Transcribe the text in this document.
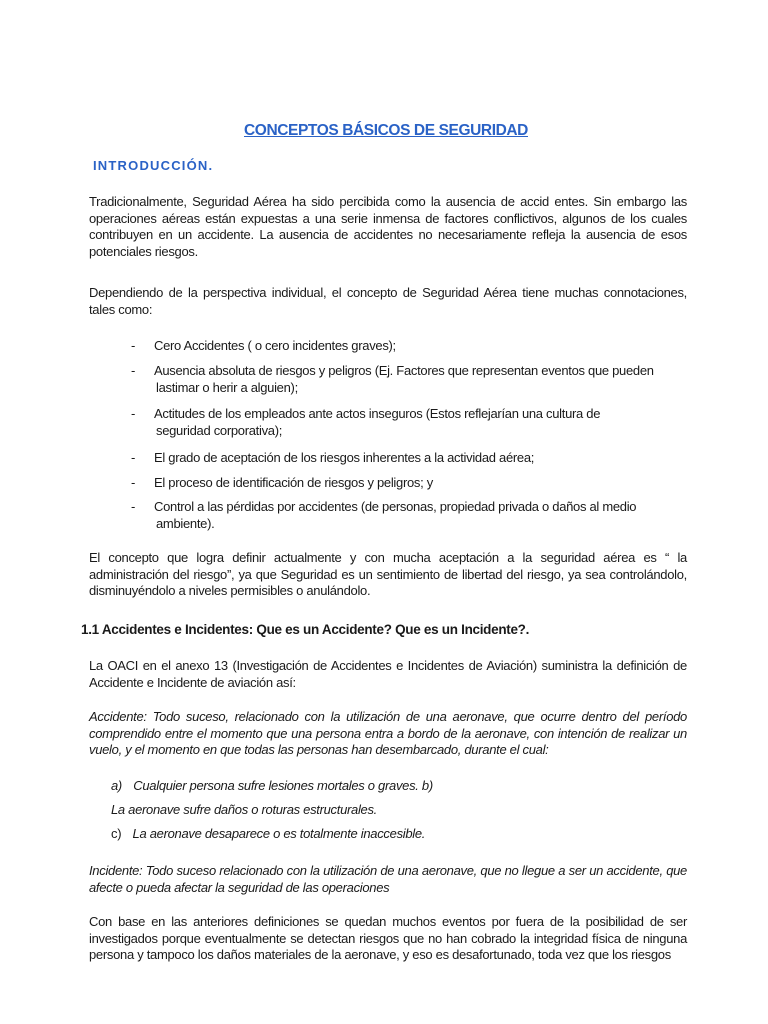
CONCEPTOS BÁSICOS DE SEGURIDAD
INTRODUCCIÓN.

Tradicionalmente, Seguridad Aérea ha sido percibida como la ausencia de accid entes. Sin embargo las operaciones aéreas están expuestas a una serie inmensa de factores conflictivos, algunos de los cuales contribuyen en un accidente. La ausencia de accidentes no necesariamente refleja la ausencia de esos potenciales riesgos.

Dependiendo de la perspectiva individual, el concepto de Seguridad Aérea tiene muchas connotaciones, tales como:

- Cero Accidentes ( o cero incidentes graves);
- Ausencia absoluta de riesgos y peligros (Ej. Factores que representan eventos que pueden
lastimar o herir a alguien);
- Actitudes de los empleados ante actos inseguros (Estos reflejarían una cultura de
seguridad corporativa);
- El grado de aceptación de los riesgos inherentes a la actividad aérea;
- El proceso de identificación de riesgos y peligros; y
- Control a las pérdidas por accidentes (de personas, propiedad privada o daños al medio
ambiente).

El concepto que logra definir actualmente y con mucha aceptación a la seguridad aérea es “ la administración del riesgo”, ya que Seguridad es un sentimiento de libertad del riesgo, ya sea controlándolo, disminuyéndolo a niveles permisibles o anulándolo.

1.1 Accidentes e Incidentes: Que es un Accidente? Que es un Incidente?.

La OACI en el anexo 13 (Investigación de Accidentes e Incidentes de Aviación) suministra la definición de Accidente e Incidente de aviación así:

Accidente: Todo suceso, relacionado con la utilización de una aeronave, que ocurre dentro del período comprendido entre el momento que una persona entra a bordo de la aeronave, con intención de realizar un vuelo, y el momento en que todas las personas han desembarcado, durante el cual:

a) Cualquier persona sufre lesiones mortales o graves. b)
La aeronave sufre daños o roturas estructurales.
c) La aeronave desaparece o es totalmente inaccesible.

Incidente: Todo suceso relacionado con la utilización de una aeronave, que no llegue a ser un accidente, que afecte o pueda afectar la seguridad de las operaciones

Con base en las anteriores definiciones se quedan muchos eventos por fuera de la posibilidad de ser investigados porque eventualmente se detectan riesgos que no han cobrado la integridad física de ninguna persona y tampoco los daños materiales de la aeronave, y eso es desafortunado, toda vez que los riesgos
